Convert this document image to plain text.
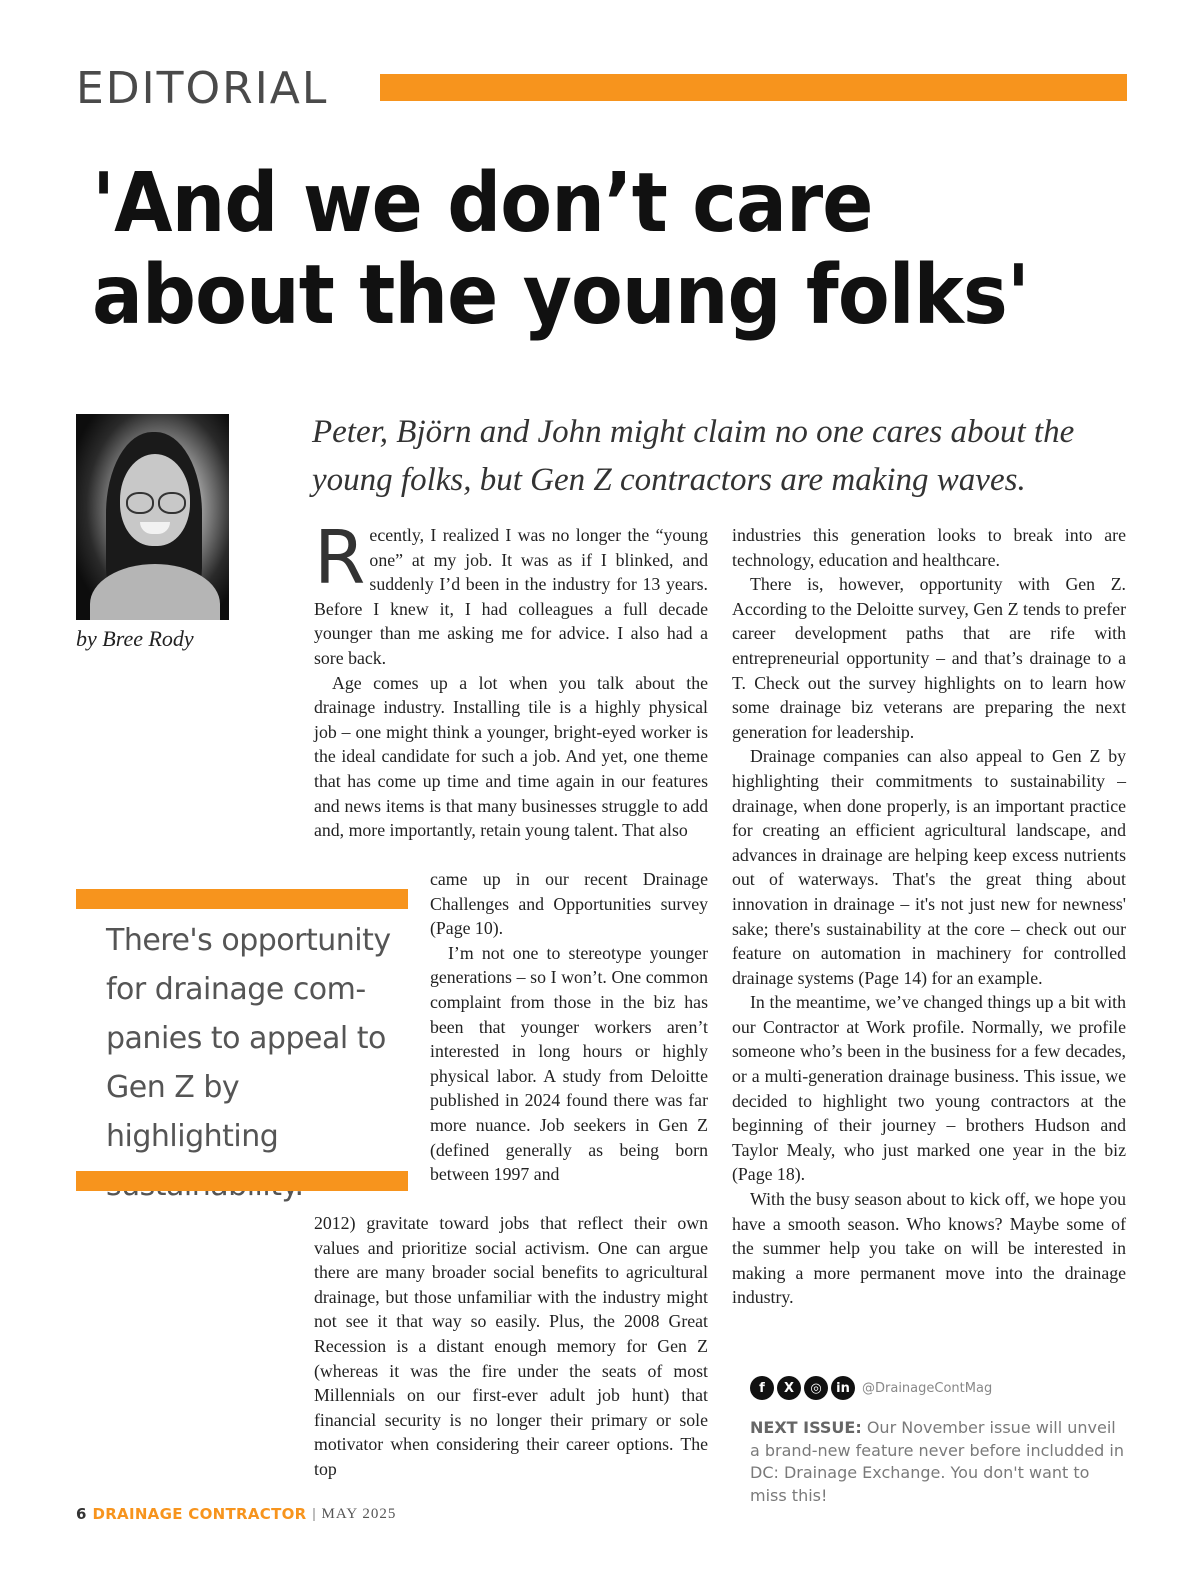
EDITORIAL
'And we don’t care about the young folks'
by Bree Rody
Peter, Björn and John might claim no one cares about the young folks, but Gen Z contractors are making waves.

Recently, I realized I was no longer the “young one” at my job. It was as if I blinked, and suddenly I’d been in the industry for 13 years. Before I knew it, I had colleagues a full decade younger than me asking me for advice. I also had a sore back.

Age comes up a lot when you talk about the drainage industry. Installing tile is a highly physical job – one might think a younger, bright-eyed worker is the ideal candidate for such a job. And yet, one theme that has come up time and time again in our features and news items is that many businesses struggle to add and, more importantly, retain young talent. That also

came up in our recent Drainage Challenges and Opportunities survey (Page 10).

I’m not one to stereotype younger generations – so I won’t. One common complaint from those in the biz has been that younger workers aren’t interested in long hours or highly physical labor. A study from Deloitte published in 2024 found there was far more nuance. Job seekers in Gen Z (defined generally as being born between 1997 and

2012) gravitate toward jobs that reflect their own values and prioritize social activism. One can argue there are many broader social benefits to agricultural drainage, but those unfamiliar with the industry might not see it that way so easily. Plus, the 2008 Great Recession is a distant enough memory for Gen Z (whereas it was the fire under the seats of most Millennials on our first-ever adult job hunt) that financial security is no longer their primary or sole motivator when considering their career options. The top

industries this generation looks to break into are technology, education and healthcare.

There is, however, opportunity with Gen Z. According to the Deloitte survey, Gen Z tends to prefer career development paths that are rife with entrepreneurial opportunity – and that’s drainage to a T. Check out the survey highlights on to learn how some drainage biz veterans are preparing the next generation for leadership.

Drainage companies can also appeal to Gen Z by highlighting their commitments to sustainability – drainage, when done properly, is an important practice for creating an efficient agricultural landscape, and advances in drainage are helping keep excess nutrients out of waterways. That's the great thing about innovation in drainage – it's not just new for newness' sake; there's sustainability at the core – check out our feature on automation in machinery for controlled drainage systems (Page 14) for an example.

In the meantime, we’ve changed things up a bit with our Contractor at Work profile. Normally, we profile someone who’s been in the business for a few decades, or a multi-generation drainage business. This issue, we decided to highlight two young contractors at the beginning of their journey – brothers Hudson and Taylor Mealy, who just marked one year in the biz (Page 18).

With the busy season about to kick off, we hope you have a smooth season. Who knows? Maybe some of the summer help you take on will be interested in making a more permanent move into the drainage industry.

There's opportunity for drainage com-panies to appeal to Gen Z by highlighting
f	X	◎	in @DrainageContMag
NEXT ISSUE: Our November issue will unveil a brand-new feature never before includded in DC: Drainage Exchange. You don't want to miss this!
6 DRAINAGE CONTRACTOR | MAY 2025
